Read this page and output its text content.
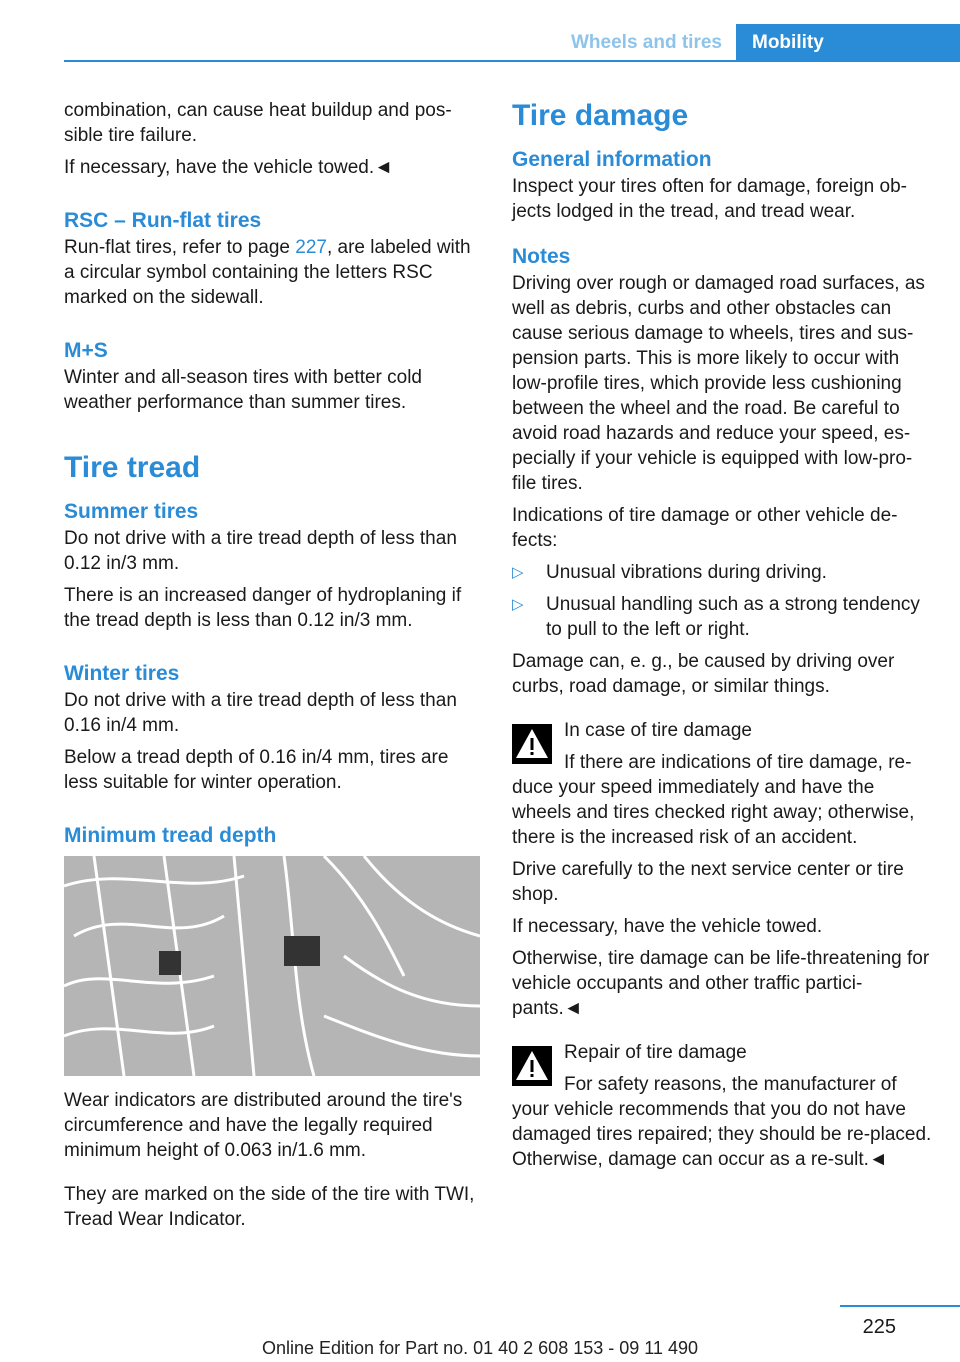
Wheels and tires	Mobility

combination, can cause heat buildup and pos-sible tire failure.

If necessary, have the vehicle towed.◄

RSC – Run-flat tires

Run-flat tires, refer to page 227, are labeled with a circular symbol containing the letters RSC marked on the sidewall.

M+S

Winter and all-season tires with better cold weather performance than summer tires.

Tire tread
Summer tires

Do not drive with a tire tread depth of less than 0.12 in/3 mm.

There is an increased danger of hydroplaning if the tread depth is less than 0.12 in/3 mm.

Winter tires

Do not drive with a tire tread depth of less than 0.16 in/4 mm.

Below a tread depth of 0.16 in/4 mm, tires are less suitable for winter operation.

Minimum tread depth

Wear indicators are distributed around the tire's circumference and have the legally required minimum height of 0.063 in/1.6 mm.

They are marked on the side of the tire with TWI, Tread Wear Indicator.

Tire damage
General information

Inspect your tires often for damage, foreign ob-jects lodged in the tread, and tread wear.

Notes

Driving over rough or damaged road surfaces, as well as debris, curbs and other obstacles can cause serious damage to wheels, tires and sus-pension parts. This is more likely to occur with low-profile tires, which provide less cushioning between the wheel and the road. Be careful to avoid road hazards and reduce your speed, es-pecially if your vehicle is equipped with low-pro-file tires.

Indications of tire damage or other vehicle de-fects:

▷	Unusual vibrations during driving.
▷	Unusual handling such as a strong tendency to pull to the left or right.

Damage can, e. g., be caused by driving over curbs, road damage, or similar things.

In case of tire damage

If there are indications of tire damage, re-duce your speed immediately and have the wheels and tires checked right away; otherwise, there is the increased risk of an accident.

Drive carefully to the next service center or tire shop.

If necessary, have the vehicle towed.

Otherwise, tire damage can be life-threatening for vehicle occupants and other traffic partici-pants.◄

Repair of tire damage

For safety reasons, the manufacturer of your vehicle recommends that you do not have damaged tires repaired; they should be re-placed. Otherwise, damage can occur as a re-sult.◄

225
Online Edition for Part no. 01 40 2 608 153 - 09 11 490
